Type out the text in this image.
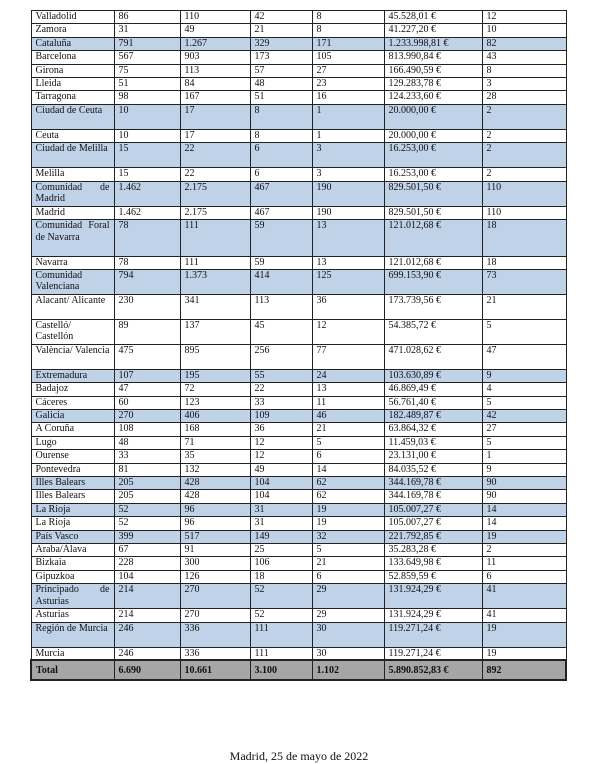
Valladolid	86	110	42	8	45.528,01 €	12
Zamora	31	49	21	8	41.227,20 €	10
Cataluña	791	1.267	329	171	1.233.998,81 €	82
Barcelona	567	903	173	105	813.990,84 €	43
Girona	75	113	57	27	166.490,59 €	8
Lleida	51	84	48	23	129.283,78 €	3
Tarragona	98	167	51	16	124.233,60 €	28
Ciudad de Ceuta	10	17	8	1	20.000,00 €	2
Ceuta	10	17	8	1	20.000,00 €	2
Ciudad de Melilla	15	22	6	3	16.253,00 €	2
Melilla	15	22	6	3	16.253,00 €	2
Comunidad de Madrid	1.462	2.175	467	190	829.501,50 €	110
Madrid	1.462	2.175	467	190	829.501,50 €	110
Comunidad Foral de Navarra	78	111	59	13	121.012,68 €	18
Navarra	78	111	59	13	121.012,68 €	18
Comunidad Valenciana	794	1.373	414	125	699.153,90 €	73
Alacant/ Alicante	230	341	113	36	173.739,56 €	21
Castelló/ Castellón	89	137	45	12	54.385,72 €	5
València/ Valencia	475	895	256	77	471.028,62 €	47
Extremadura	107	195	55	24	103.630,89 €	9
Badajoz	47	72	22	13	46.869,49 €	4
Cáceres	60	123	33	11	56.761,40 €	5
Galicia	270	406	109	46	182.489,87 €	42
A Coruña	108	168	36	21	63.864,32 €	27
Lugo	48	71	12	5	11.459,03 €	5
Ourense	33	35	12	6	23.131,00 €	1
Pontevedra	81	132	49	14	84.035,52 €	9
Illes Balears	205	428	104	62	344.169,78 €	90
Illes Balears	205	428	104	62	344.169,78 €	90
La Rioja	52	96	31	19	105.007,27 €	14
La Rioja	52	96	31	19	105.007,27 €	14
País Vasco	399	517	149	32	221.792,85 €	19
Araba/Álava	67	91	25	5	35.283,28 €	2
Bizkaia	228	300	106	21	133.649,98 €	11
Gipuzkoa	104	126	18	6	52.859,59 €	6
Principado de Asturias	214	270	52	29	131.924,29 €	41
Asturias	214	270	52	29	131.924,29 €	41
Región de Murcia	246	336	111	30	119.271,24 €	19
Murcia	246	336	111	30	119.271,24 €	19
Total	6.690	10.661	3.100	1.102	5.890.852,83 €	892
Madrid, 25 de mayo de 2022
